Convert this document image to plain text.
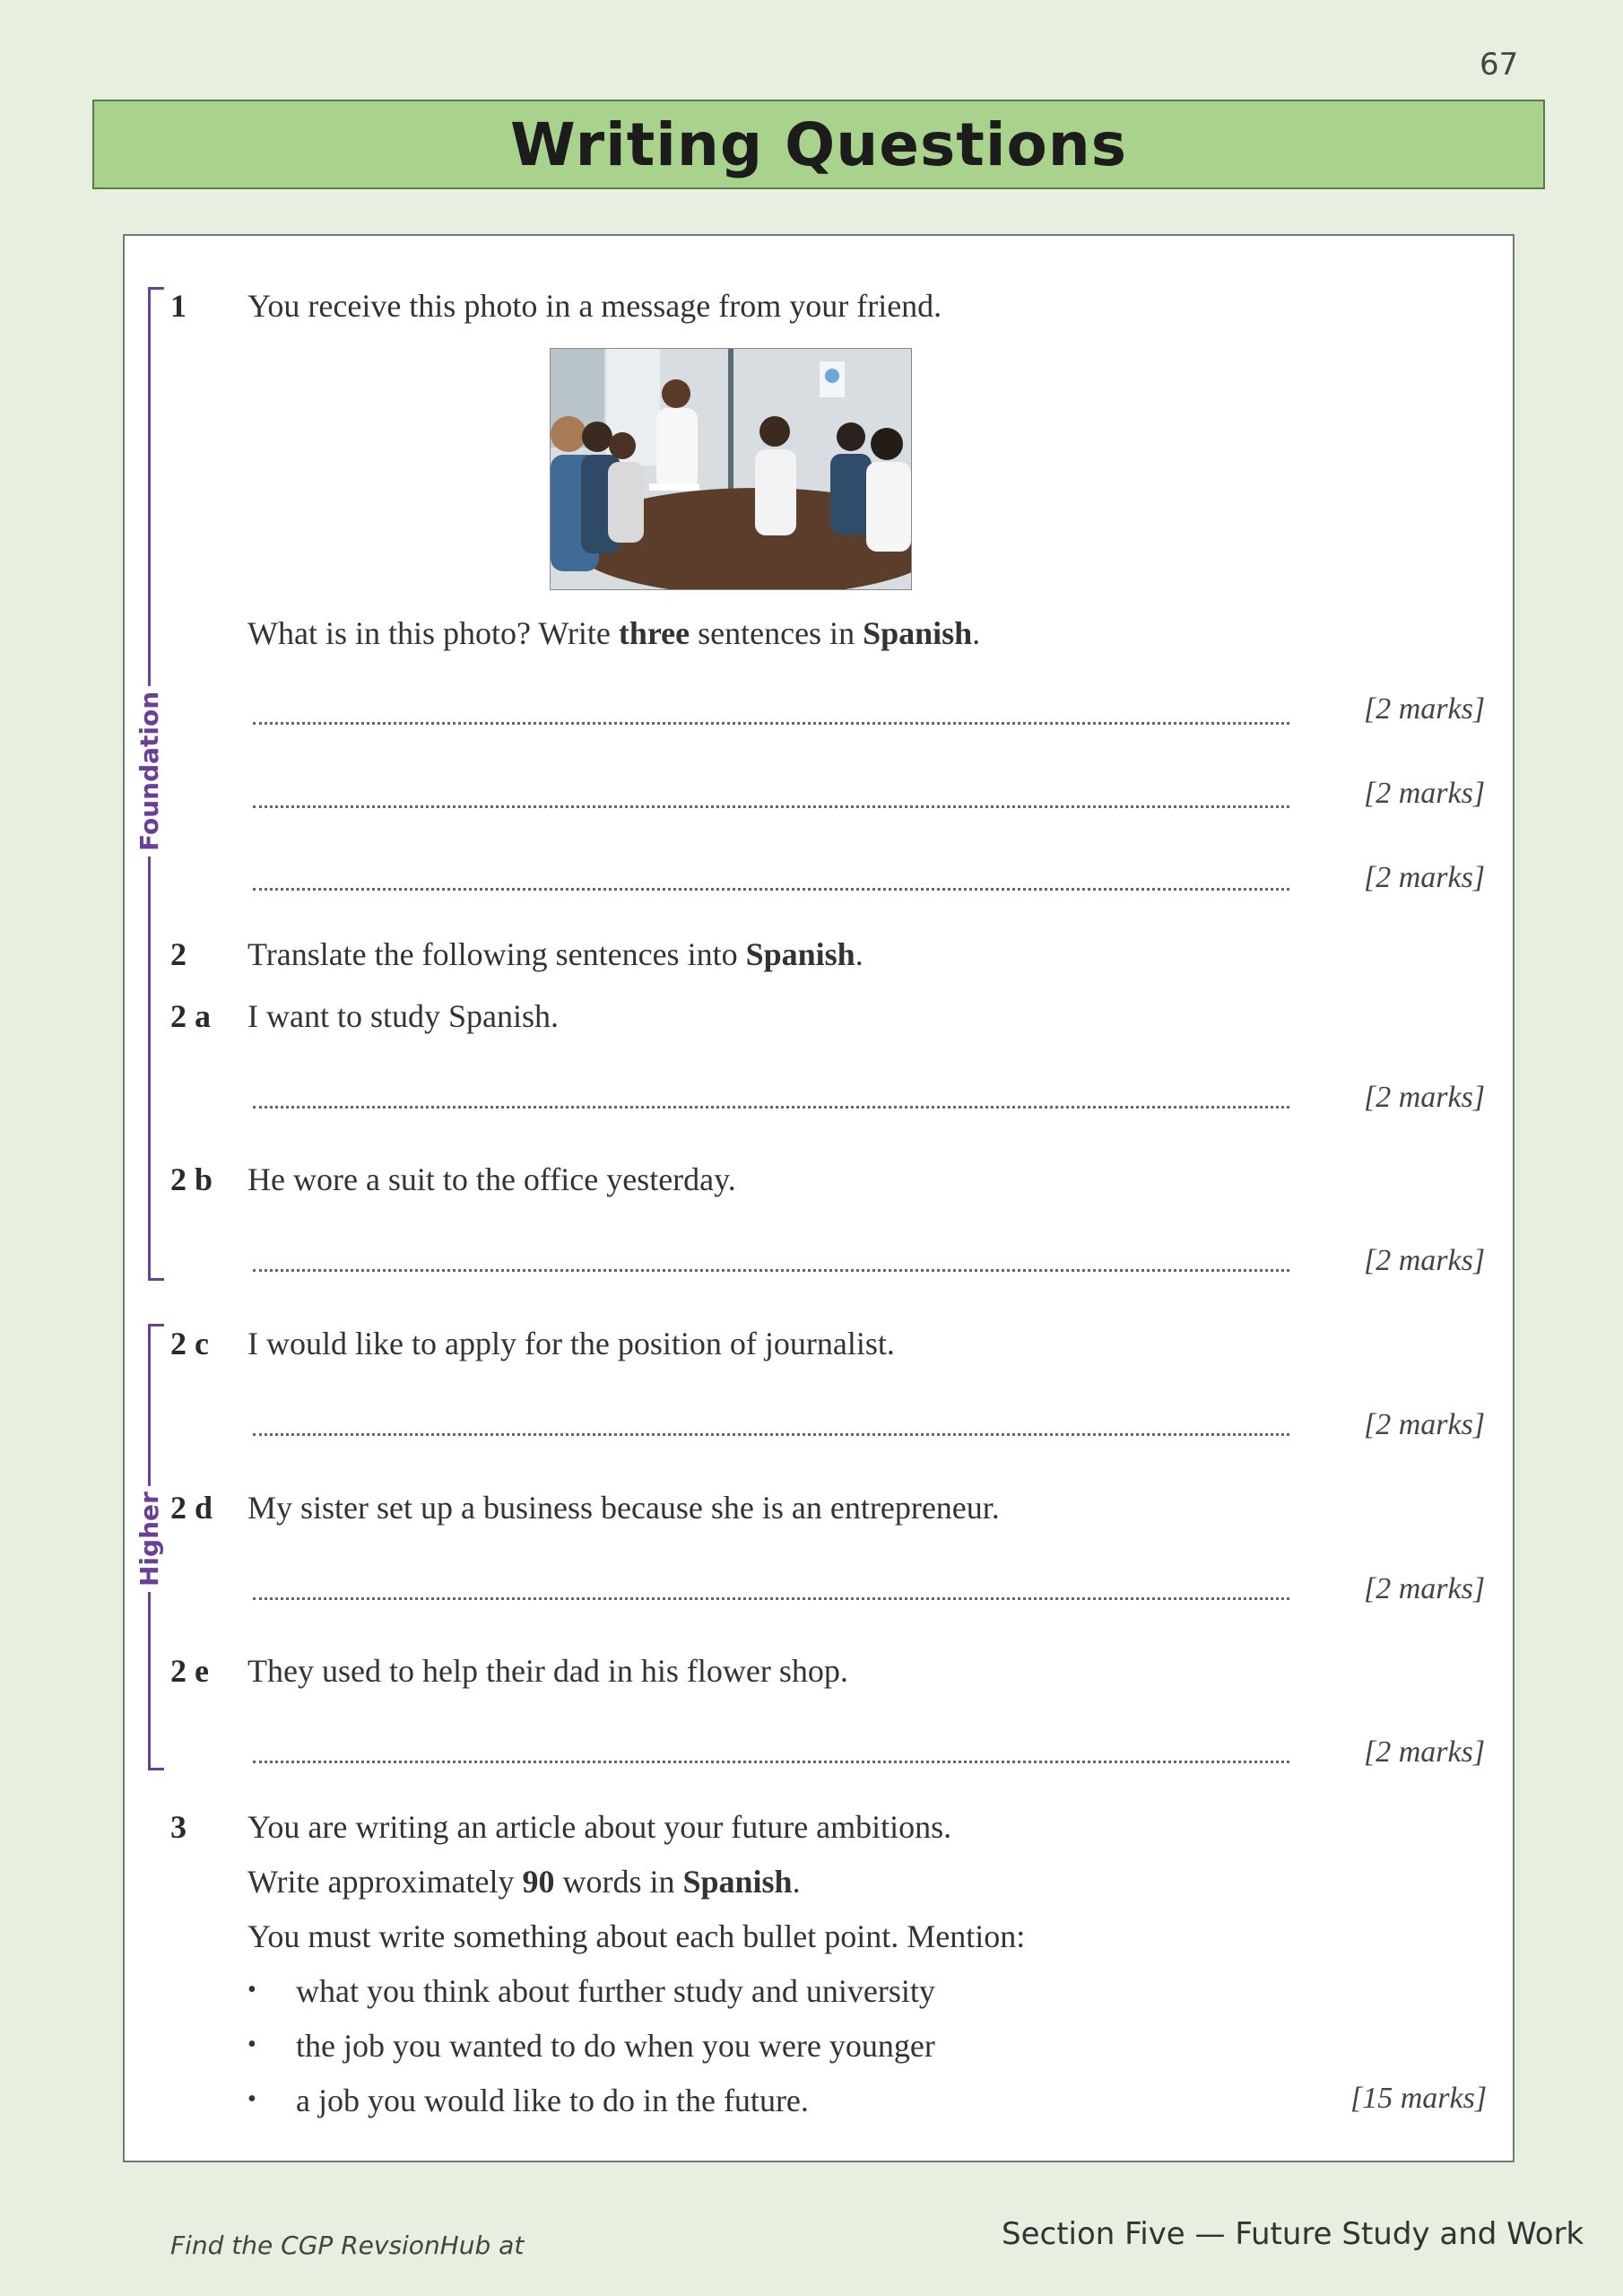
67
Writing Questions
Foundation
Higher
1 You receive this photo in a message from your friend.
What is in this photo? Write three sentences in Spanish.
[2 marks]
[2 marks]
[2 marks]
2 Translate the following sentences into Spanish.
2 a I want to study Spanish.
[2 marks]
2 b He wore a suit to the office yesterday.
[2 marks]
2 c I would like to apply for the position of journalist.
[2 marks]
2 d My sister set up a business because she is an entrepreneur.
[2 marks]
2 e They used to help their dad in his flower shop.
[2 marks]
3 You are writing an article about your future ambitions.
Write approximately 90 words in Spanish.
You must write something about each bullet point. Mention:
• what you think about further study and university
• the job you wanted to do when you were younger
• a job you would like to do in the future.	[15 marks]
Find the CGP RevsionHub at	Section Five — Future Study and Work
